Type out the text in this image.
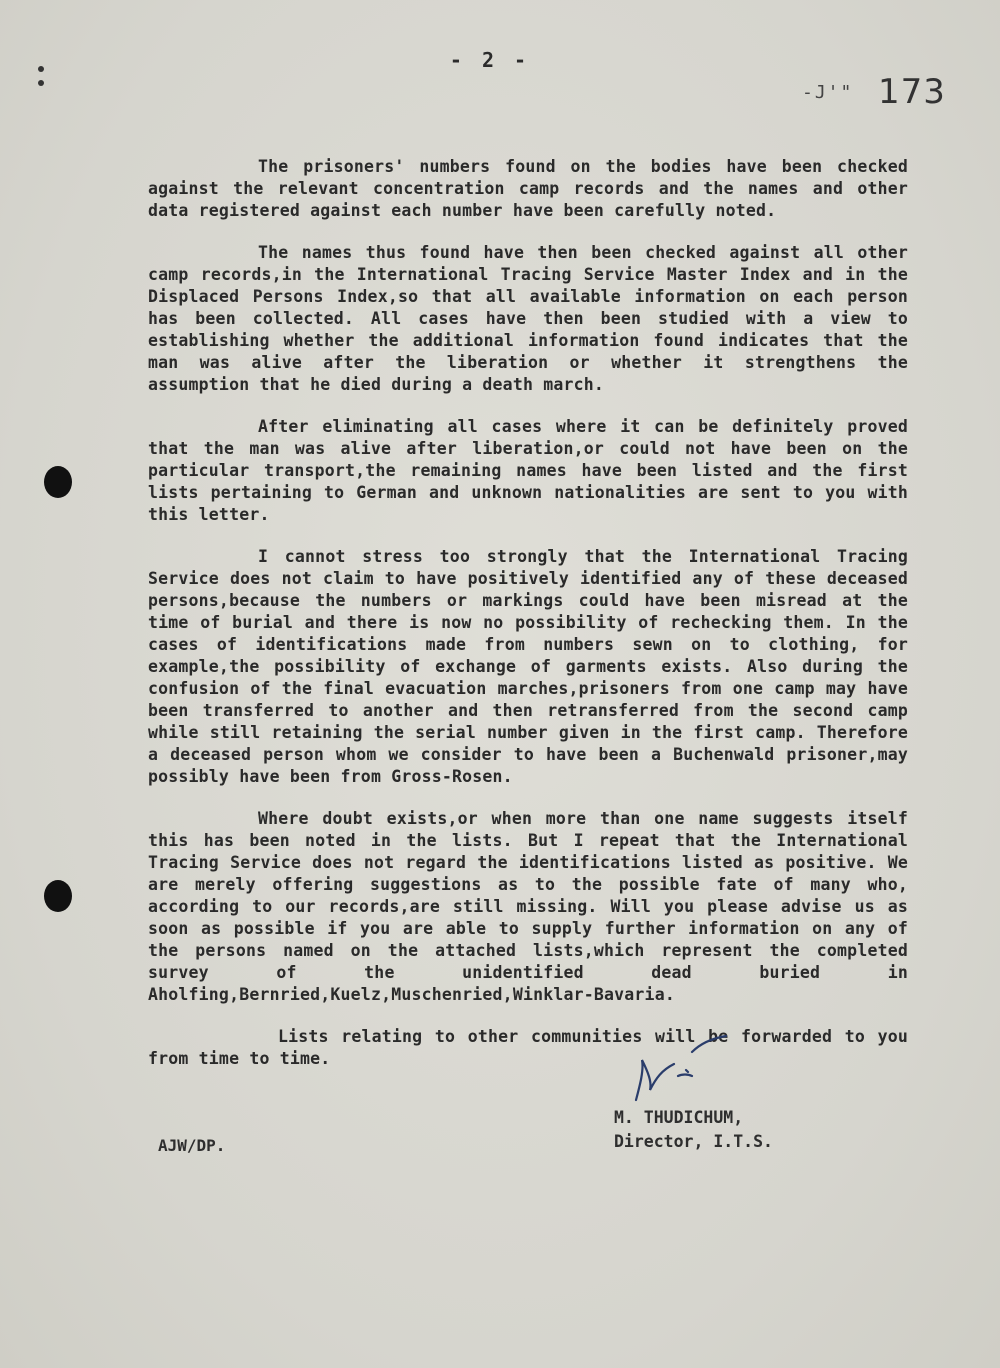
- 2 -
-J'" 173

The prisoners' numbers found on the bodies have been checked against the relevant concentration camp records and the names and other data registered against each number have been carefully noted.

The names thus found have then been checked against all other camp records,in the International Tracing Service Master Index and in the Displaced Persons Index,so that all available information on each person has been collected. All cases have then been studied with a view to establishing whether the additional information found indicates that the man was alive after the liberation or whether it strengthens the assumption that he died during a death march.

After eliminating all cases where it can be definitely proved that the man was alive after liberation,or could not have been on the particular transport,the remaining names have been listed and the first lists pertaining to German and unknown nationalities are sent to you with this letter.

I cannot stress too strongly that the International Tracing Service does not claim to have positively identified any of these deceased persons,because the numbers or markings could have been misread at the time of burial and there is now no possibility of rechecking them. In the cases of identifications made from numbers sewn on to clothing, for example,the possibility of exchange of garments exists. Also during the confusion of the final evacuation marches,prisoners from one camp may have been transferred to another and then retransferred from the second camp while still retaining the serial number given in the first camp. Therefore a deceased person whom we consider to have been a Buchenwald prisoner,may possibly have been from Gross-Rosen.

Where doubt exists,or when more than one name suggests itself this has been noted in the lists. But I repeat that the International Tracing Service does not regard the identifications listed as positive. We are merely offering suggestions as to the possible fate of many who, according to our records,are still missing. Will you please advise us as soon as possible if you are able to supply further information on any of the persons named on the attached lists,which represent the completed survey of the unidentified dead buried in Aholfing,Bernried,Kuelz,Muschenried,Winklar-Bavaria.

Lists relating to other communities will be forwarded to you from time to time.

M. THUDICHUM,
Director, I.T.S.
AJW/DP.
